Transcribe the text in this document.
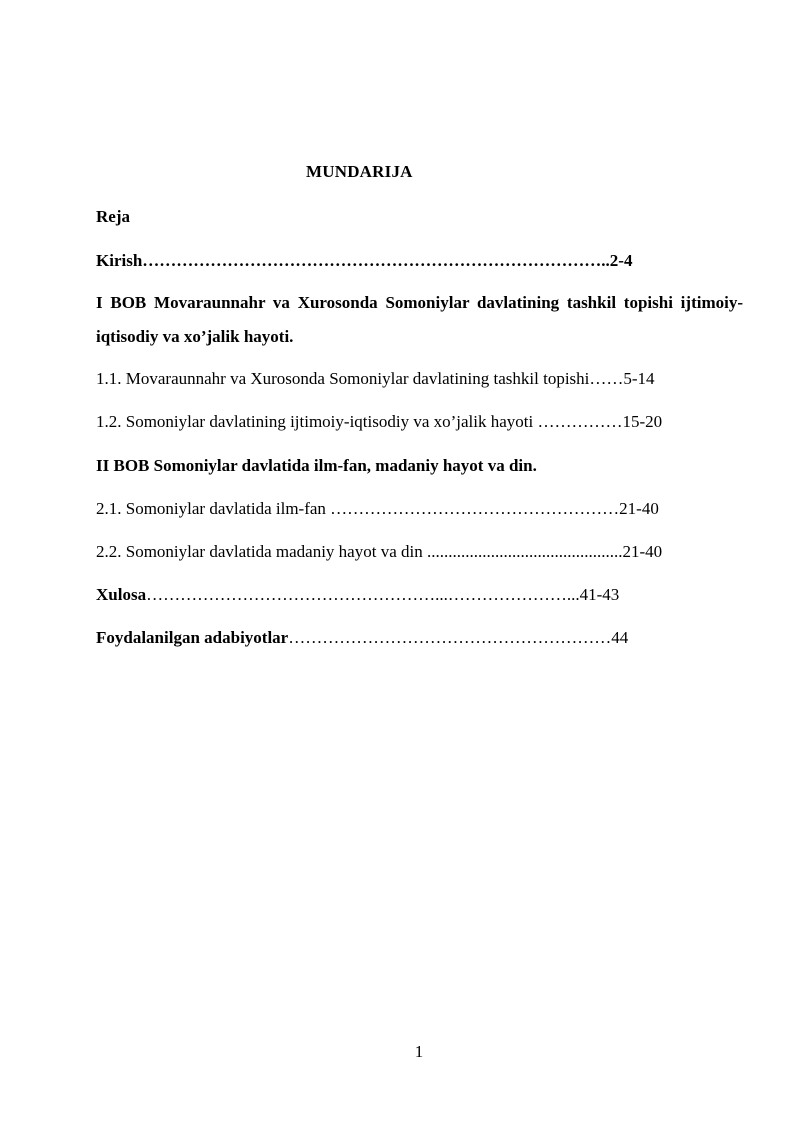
MUNDARIJA
Reja
Kirish………………………………………………………………………..2-4
I BOB Movaraunnahr va Xurosonda Somoniylar davlatining tashkil topishi ijtimoiy-iqtisodiy va xo’jalik hayoti.
1.1. Movaraunnahr va Xurosonda Somoniylar davlatining tashkil topishi……5-14
1.2. Somoniylar davlatining ijtimoiy-iqtisodiy va xo’jalik hayoti ……………15-20
II BOB Somoniylar davlatida ilm-fan, madaniy hayot va din.
2.1. Somoniylar davlatida ilm-fan ……………………………………………21-40
2.2. Somoniylar davlatida madaniy hayot va din ..............................................21-40
Xulosa……………………………………………...…………………...41-43
Foydalanilgan adabiyotlar…………………………………………………44
1
